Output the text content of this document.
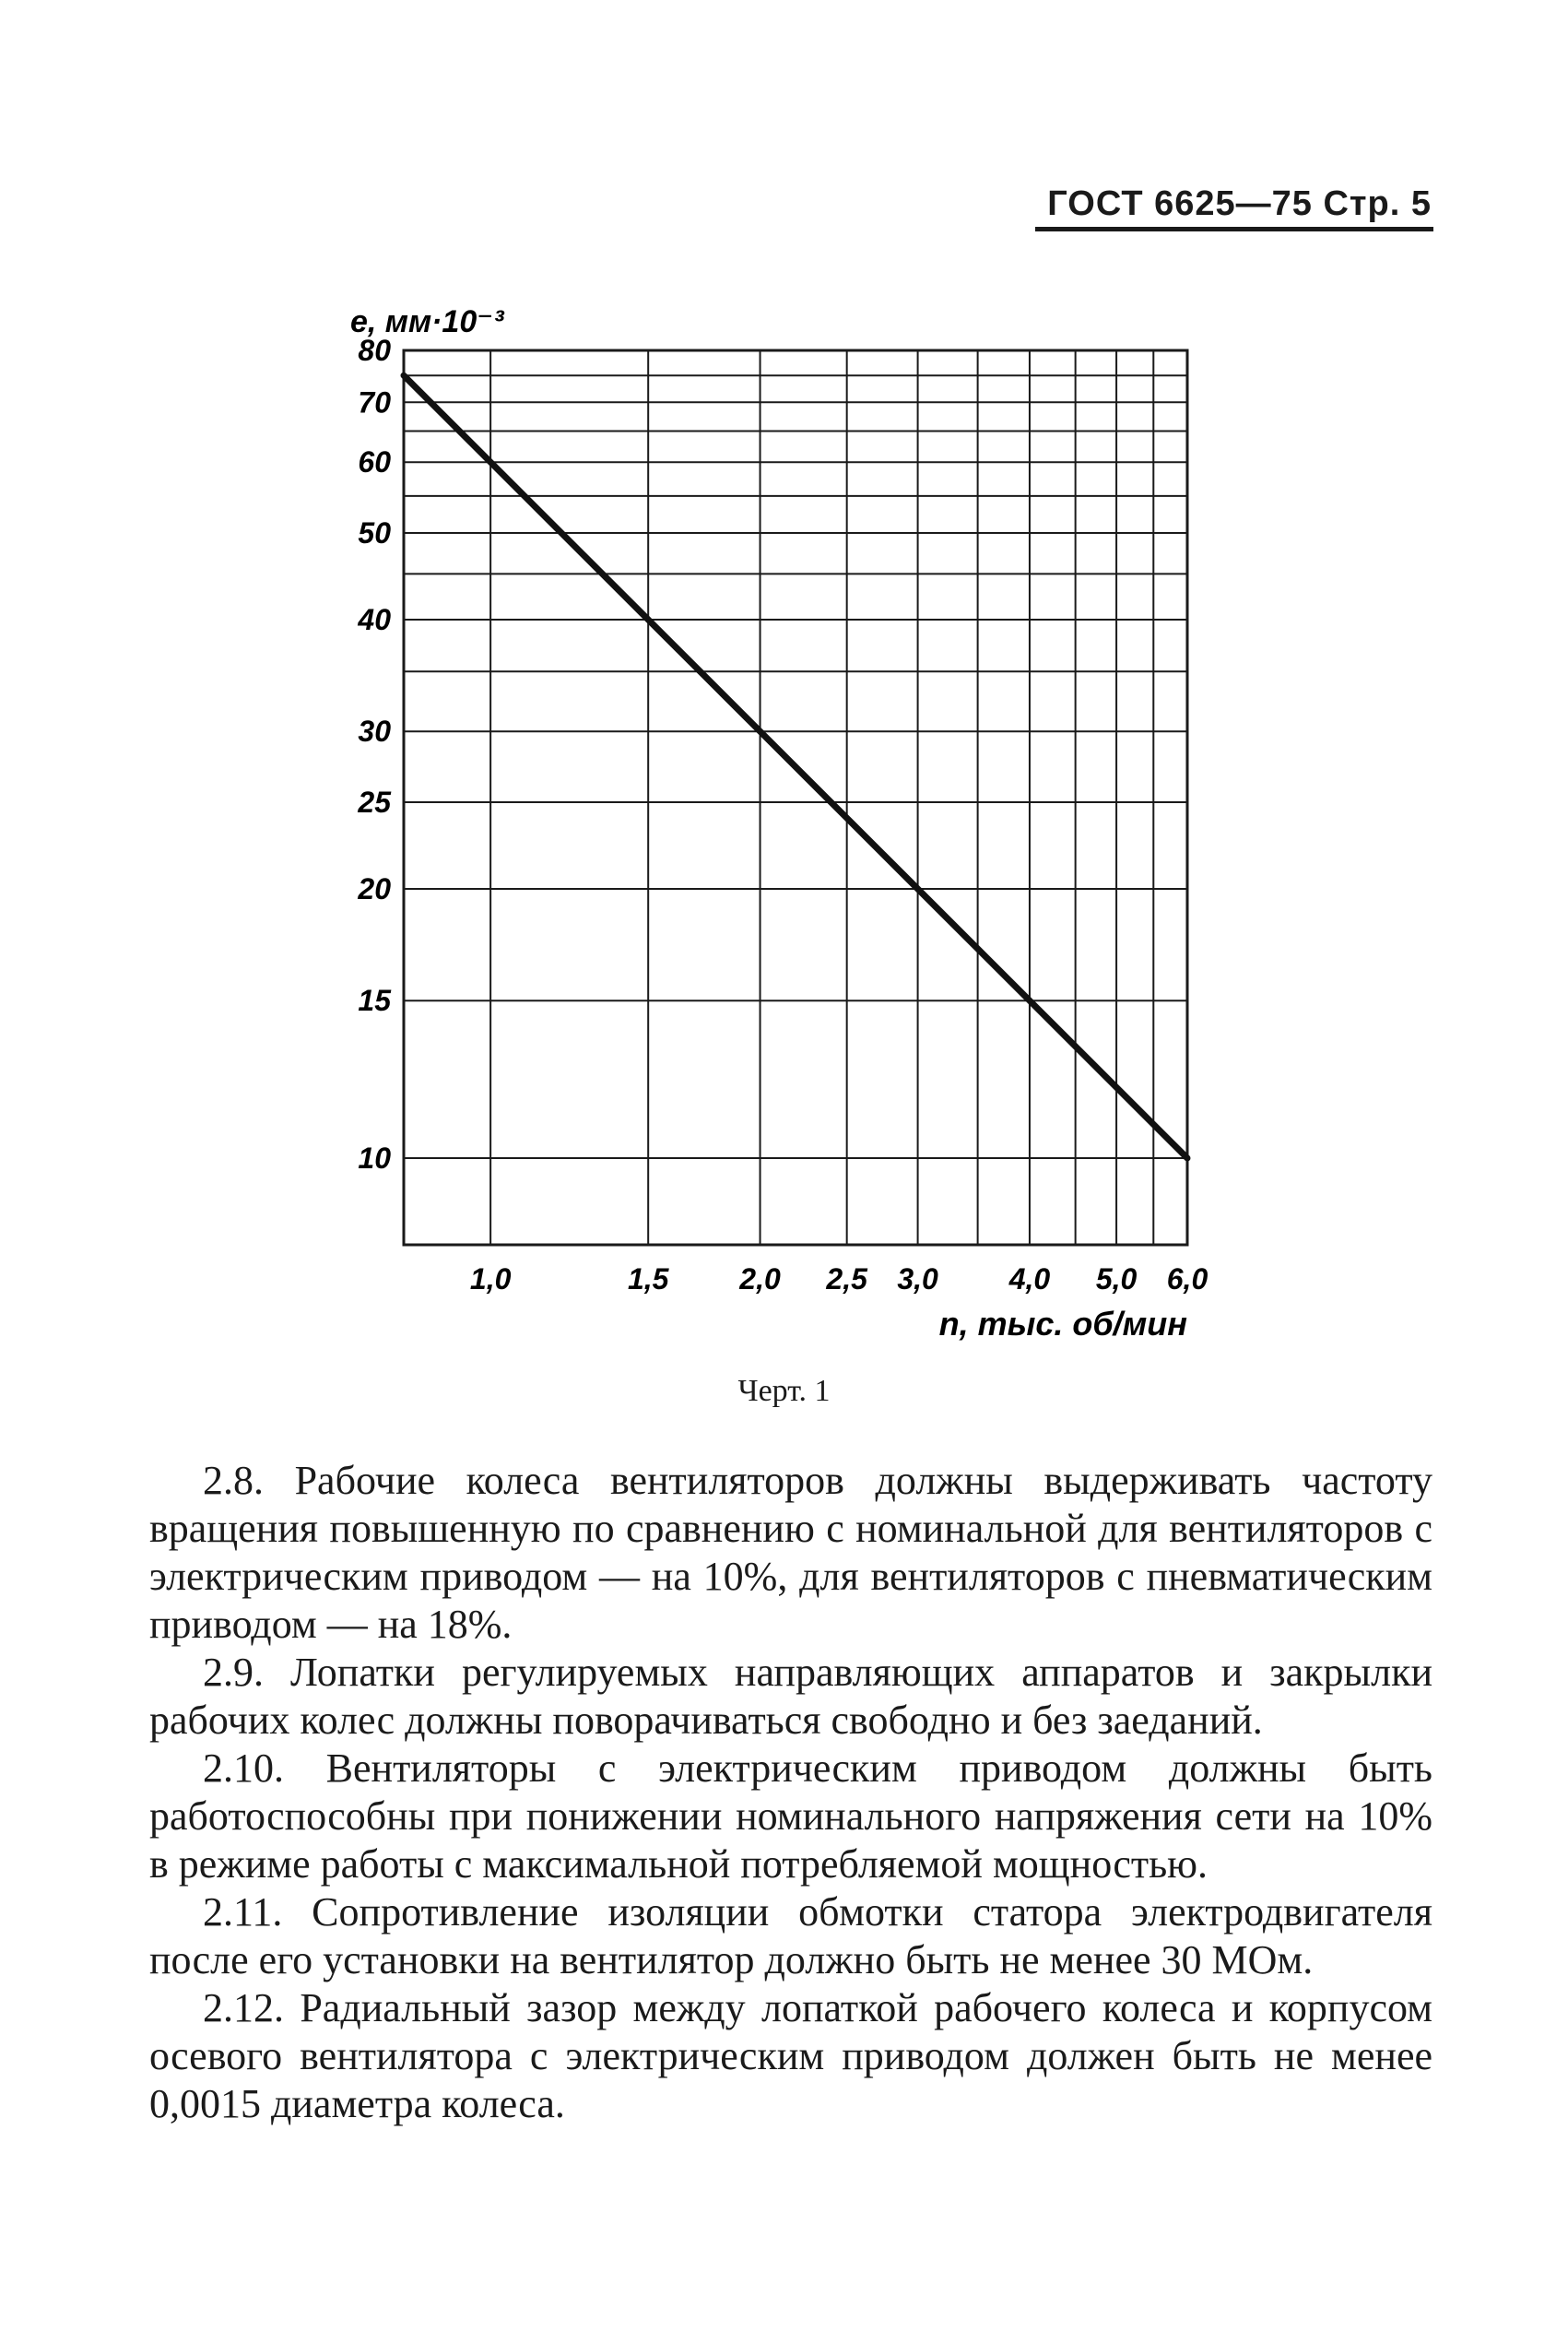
ГОСТ 6625—75 Стр. 5
80
70
60
50
40
30
25
20
15
10
1,0	1,5 2,0 2,5 3,0 4,0 5,0 6,0
e, мм·10⁻³
n, тыс. об/мин
Черт. 1

2.8. Рабочие колеса вентиляторов должны выдерживать частоту вращения повышенную по сравнению с номинальной для вентиляторов с электрическим приводом — на 10%, для вентиляторов с пневматическим приводом — на 18%.

2.9. Лопатки регулируемых направляющих аппаратов и закрылки рабочих колес должны поворачиваться свободно и без заеданий.

2.10. Вентиляторы с электрическим приводом должны быть работоспособны при понижении номинального напряжения сети на 10% в режиме работы с максимальной потребляемой мощностью.

2.11. Сопротивление изоляции обмотки статора электродвигателя после его установки на вентилятор должно быть не менее 30 МОм.

2.12. Радиальный зазор между лопаткой рабочего колеса и корпусом осевого вентилятора с электрическим приводом должен быть не менее 0,0015 диаметра колеса.
